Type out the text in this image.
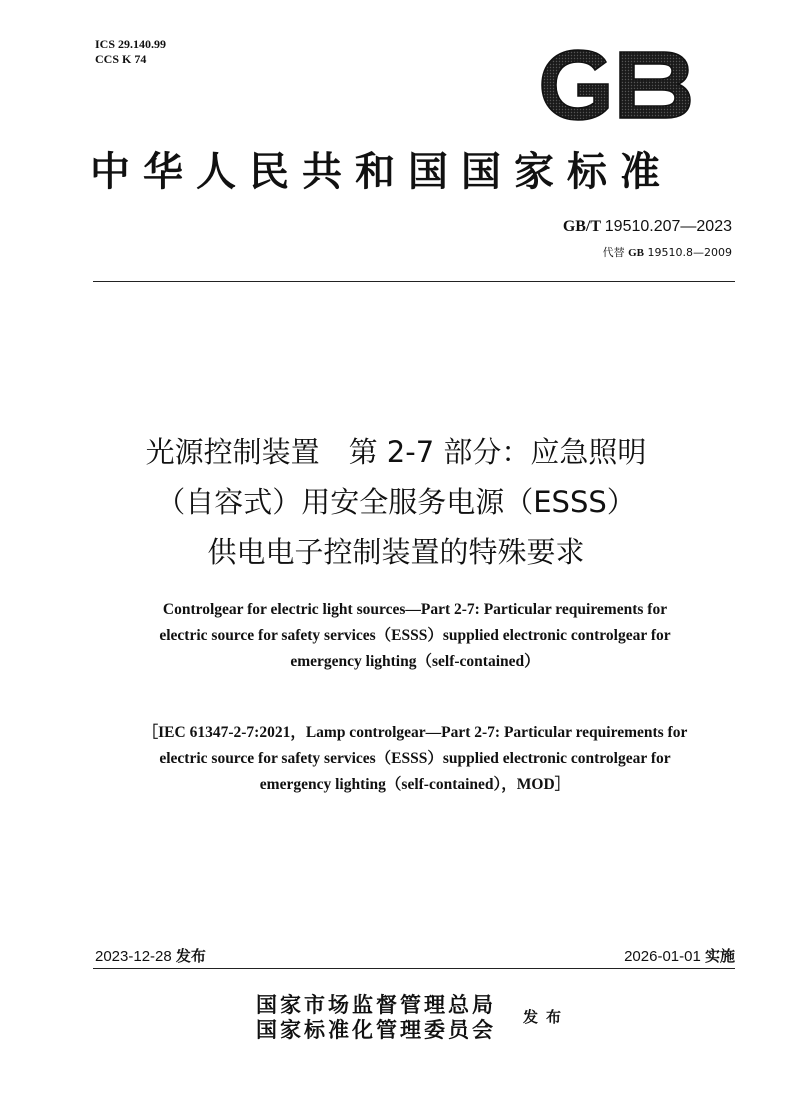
ICS 29.140.99
CCS K 74
中华人民共和国国家标准
GB/T 19510.207—2023
代替 GB 19510.8—2009
光源控制装置　第 2-7 部分：应急照明
（自容式）用安全服务电源（ESSS）
供电电子控制装置的特殊要求
Controlgear for electric light sources—Part 2-7: Particular requirements for
electric source for safety services（ESSS）supplied electronic controlgear for
emergency lighting（self-contained）
［IEC 61347-2-7:2021，Lamp controlgear—Part 2-7: Particular requirements for
electric source for safety services（ESSS）supplied electronic controlgear for
emergency lighting（self-contained），MOD］
2023-12-28 发布	2026-01-01 实施
国家市场监督管理总局
国家标准化管理委员会 发布
